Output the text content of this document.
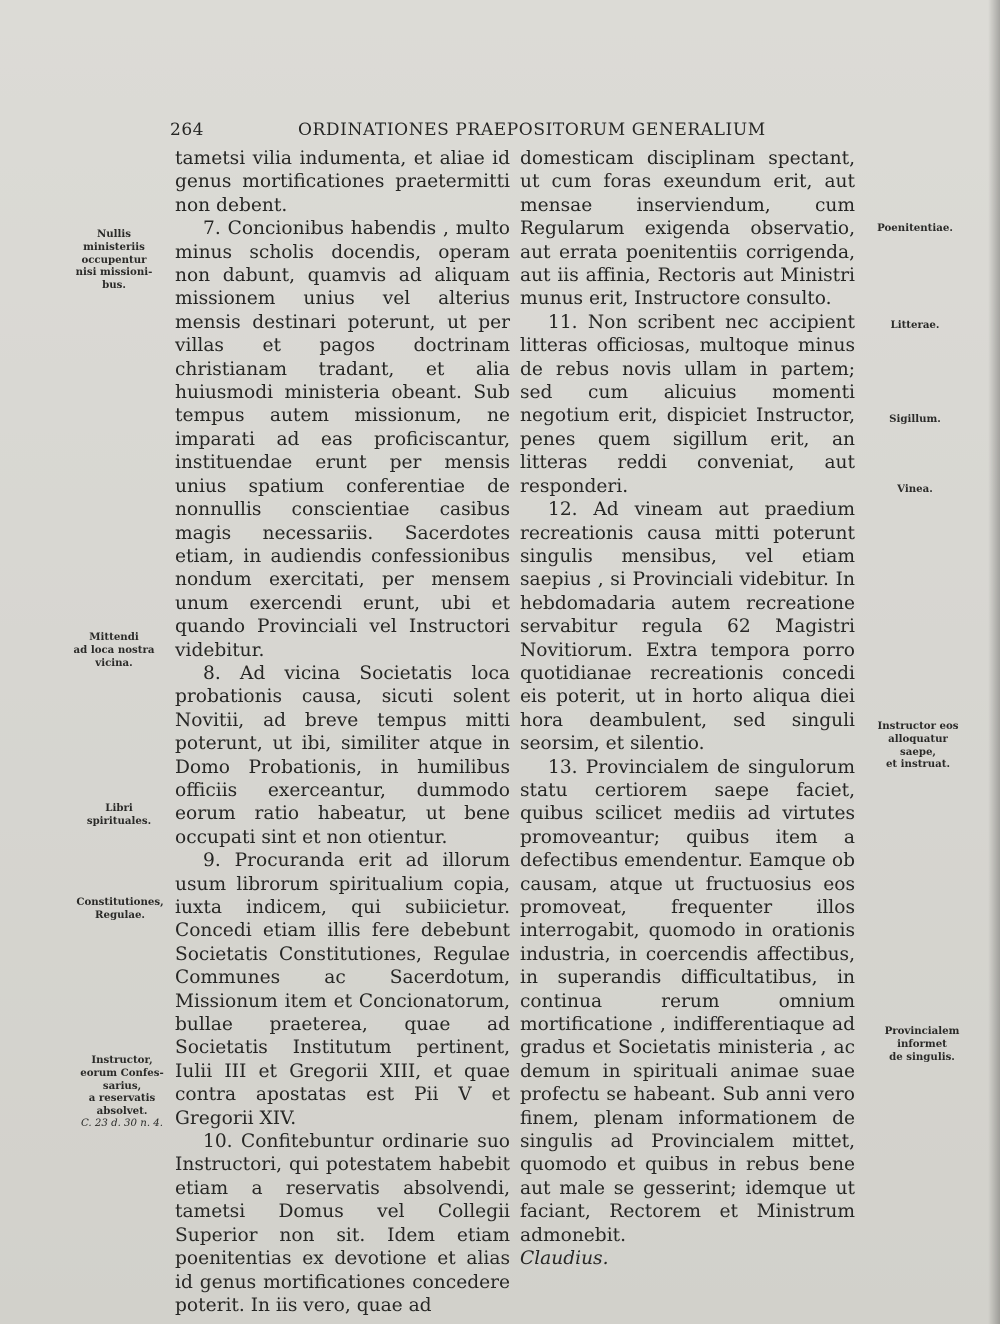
264	ORDINATIONES PRAEPOSITORUM GENERALIUM

tametsi vilia indumenta, et aliae id genus mortificationes praetermitti non debent.

7. Concionibus habendis , multo minus scholis docendis, operam non dabunt, quamvis ad aliquam missionem unius vel alterius mensis destinari poterunt, ut per villas et pagos doctrinam christianam tradant, et alia huiusmodi ministeria obeant. Sub tempus autem missionum, ne imparati ad eas proficiscantur, instituendae erunt per mensis unius spatium conferentiae de nonnullis conscientiae casibus magis necessariis. Sacerdotes etiam, in audiendis confessionibus nondum exercitati, per mensem unum exercendi erunt, ubi et quando Provinciali vel Instructori videbitur.

8. Ad vicina Societatis loca probationis causa, sicuti solent Novitii, ad breve tempus mitti poterunt, ut ibi, similiter atque in Domo Probationis, in humilibus officiis exerceantur, dummodo eorum ratio habeatur, ut bene occupati sint et non otientur.

9. Procuranda erit ad illorum usum librorum spiritualium copia, iuxta indicem, qui subiicietur. Concedi etiam illis fere debebunt Societatis Constitutiones, Regulae Communes ac Sacerdotum, Missionum item et Concionatorum, bullae praeterea, quae ad Societatis Institutum pertinent, Iulii III et Gregorii XIII, et quae contra apostatas est Pii V et Gregorii XIV.

10. Confitebuntur ordinarie suo Instructori, qui potestatem habebit etiam a reservatis absolvendi, tametsi Domus vel Collegii Superior non sit. Idem etiam poenitentias ex devotione et alias id genus mortificationes concedere poterit. In iis vero, quae ad

domesticam disciplinam spectant, ut cum foras exeundum erit, aut mensae inserviendum, cum Regularum exigenda observatio, aut errata poenitentiis corrigenda, aut iis affinia, Rectoris aut Ministri munus erit, Instructore consulto.

11. Non scribent nec accipient litteras officiosas, multoque minus de rebus novis ullam in partem; sed cum alicuius momenti negotium erit, dispiciet Instructor, penes quem sigillum erit, an litteras reddi conveniat, aut responderi.

12. Ad vineam aut praedium recreationis causa mitti poterunt singulis mensibus, vel etiam saepius , si Provinciali videbitur. In hebdomadaria autem recreatione servabitur regula 62 Magistri Novitiorum. Extra tempora porro quotidianae recreationis concedi eis poterit, ut in horto aliqua diei hora deambulent, sed singuli seorsim, et silentio.

13. Provincialem de singulorum statu certiorem saepe faciet, quibus scilicet mediis ad virtutes promoveantur; quibus item a defectibus emendentur. Eamque ob causam, atque ut fructuosius eos promoveat, frequenter illos interrogabit, quomodo in orationis industria, in coercendis affectibus, in superandis difficultatibus, in continua rerum omnium mortificatione , indifferentiaque ad gradus et Societatis ministeria , ac demum in spirituali animae suae profectu se habeant. Sub anni vero finem, plenam informationem de singulis ad Provincialem mittet, quomodo et quibus in rebus bene aut male se gesserint; idemque ut faciant, Rectorem et Ministrum admonebit.

Claudius.

Nullis
ministeriis
occupentur
nisi missioni-
bus.
Mittendi
ad loca nostra
vicina.
Libri
spirituales.
Constitutiones,
Regulae.
Instructor,
eorum Confes-
sarius,
a reservatis
absolvet.
C. 23 d. 30 n. 4.
Poenitentiae.
Litterae.
Sigillum.
Vinea.
Instructor eos
alloquatur
saepe,
et instruat.
Provincialem
informet
de singulis.
